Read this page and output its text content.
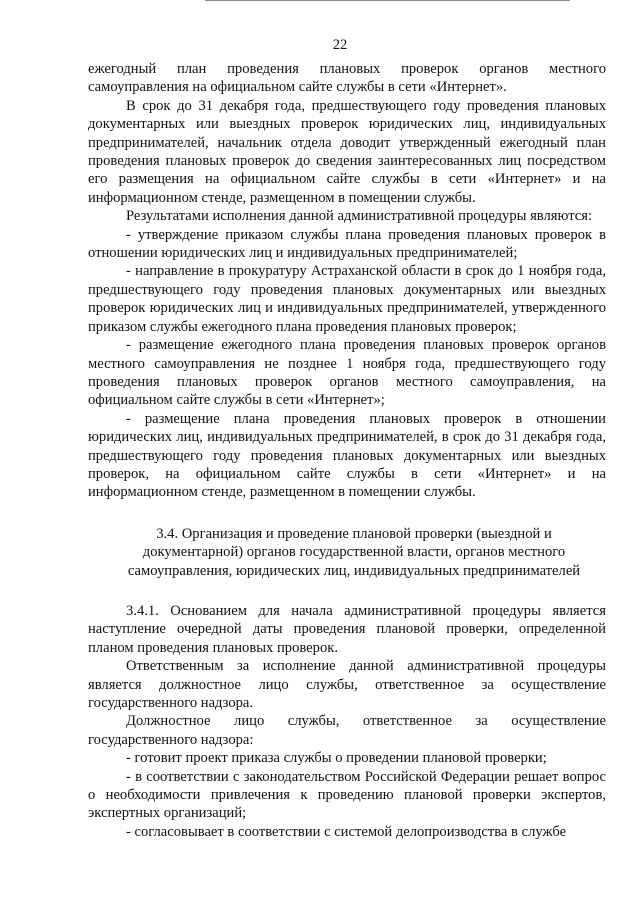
22

ежегодный план проведения плановых проверок органов местного самоуправления на официальном сайте службы в сети «Интернет».

В срок до 31 декабря года, предшествующего году проведения плановых документарных или выездных проверок юридических лиц, индивидуальных предпринимателей, начальник отдела доводит утвержденный ежегодный план проведения плановых проверок до сведения заинтересованных лиц посредством его размещения на официальном сайте службы в сети «Интернет» и на информационном стенде, размещенном в помещении службы.

Результатами исполнения данной административной процедуры являются:

- утверждение приказом службы плана проведения плановых проверок в отношении юридических лиц и индивидуальных предпринимателей;

- направление в прокуратуру Астраханской области в срок до 1 ноября года, предшествующего году проведения плановых документарных или выездных проверок юридических лиц и индивидуальных предпринимателей, утвержденного приказом службы ежегодного плана проведения плановых проверок;

- размещение ежегодного плана проведения плановых проверок органов местного самоуправления не позднее 1 ноября года, предшествующего году проведения плановых проверок органов местного самоуправления, на официальном сайте службы в сети «Интернет»;

- размещение плана проведения плановых проверок в отношении юридических лиц, индивидуальных предпринимателей, в срок до 31 декабря года, предшествующего году проведения плановых документарных или выездных проверок, на официальном сайте службы в сети «Интернет» и на информационном стенде, размещенном в помещении службы.

3.4. Организация и проведение плановой проверки (выездной и
документарной) органов государственной власти, органов местного
самоуправления, юридических лиц, индивидуальных предпринимателей

3.4.1. Основанием для начала административной процедуры является наступление очередной даты проведения плановой проверки, определенной планом проведения плановых проверок.

Ответственным за исполнение данной административной процедуры является должностное лицо службы, ответственное за осуществление государственного надзора.

Должностное лицо службы, ответственное за осуществление государственного надзора:

- готовит проект приказа службы о проведении плановой проверки;

- в соответствии с законодательством Российской Федерации решает вопрос о необходимости привлечения к проведению плановой проверки экспертов, экспертных организаций;

- согласовывает в соответствии с системой делопроизводства в службе
